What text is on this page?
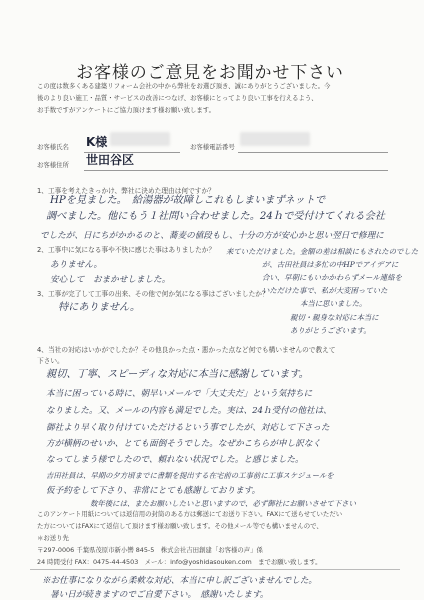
お客様のご意見をお聞かせ下さい
この度は数多くある建築リフォーム会社の中から弊社をお選び頂き、誠にありがとうございました。今
後のより良い施工・品質・サービスの改善につなげ、お客様にとってより良い工事を行えるよう、
お手数ですがアンケートにご協力頂けます様お願い致します。
お客様氏名 K様	お客様電話番号
お客様住所 世田谷区
1、工事を考えたきっかけ、弊社に決めた理由は何ですか？
HPを見ました。　給湯器が故障しこれもしまいまずネットで
調べました。他にもう１社問い合わせました。24ｈで受付けてくれる会社
でしたが、日にちがかかるのと、蕎麦の値段もし、十分の方が安心かと思い翌日で修理に
2、工事中に気になる事や不快に感じた事はありましたか？
ありません。
安心して　おまかせしました。
来ていただけました。金額の差は相談にもされたのでした
が、古田社員は多忙の中HPでアイデアに
合い、早朝にもいかかわらずメール連絡を
いただけた事で、私が大変困っていた
本当に思いました。
親切・親身な対応に本当に
ありがとうございます。
3、工事が完了して工事の出来、その他で何か気になる事はございましたか？
特にありません。
4、当社の対応はいかがでしたか？その他良かった点・悪かった点など何でも構いませんので教えて
下さい。
親切、丁寧、スピーディな対応に本当に感謝しています。
本当に困っている時に、朝早いメールで「大丈夫だ」という気持ちに
なりました。又、メールの内容も満足でした。実は、24ｈ受付の他社は、
御社より早く取り付けていただけるという事でしたが、対応して下さった
方が横柄のせいか、とても面倒そうでした。なぜかこちらが申し訳なく
なってしまう様でしたので、頼れない状況でした。と感じました。
吉田社員は、早期の夕方頃までに書類を提出する在宅前の工事前に工事スケジュールを
仮予約をして下さり、非常にとても感謝しております。
数年後には、またお願いしたいと思いますので、必ず御社にお願いさせて下さい
このアンケート用紙については返信用の封筒のある方は郵送にてお送り下さい。FAXにて送らせていただい
た方についてはFAXにて返信して頂けます様お願い致します。その他メール等でも構いませんので、
＊お送り先
〒297-0006 千葉県茂原市新小轡 845-5　株式会社吉田創建「お客様の声」係
24 時間受付 FAX：0475-44-4503　メール：info@yoshidasouken.com　までお願い致します。
※お仕事になりながら柔軟な対応、本当に申し訳ございませんでした。
暑い日が続きますのでご自愛下さい。　感謝いたします。
